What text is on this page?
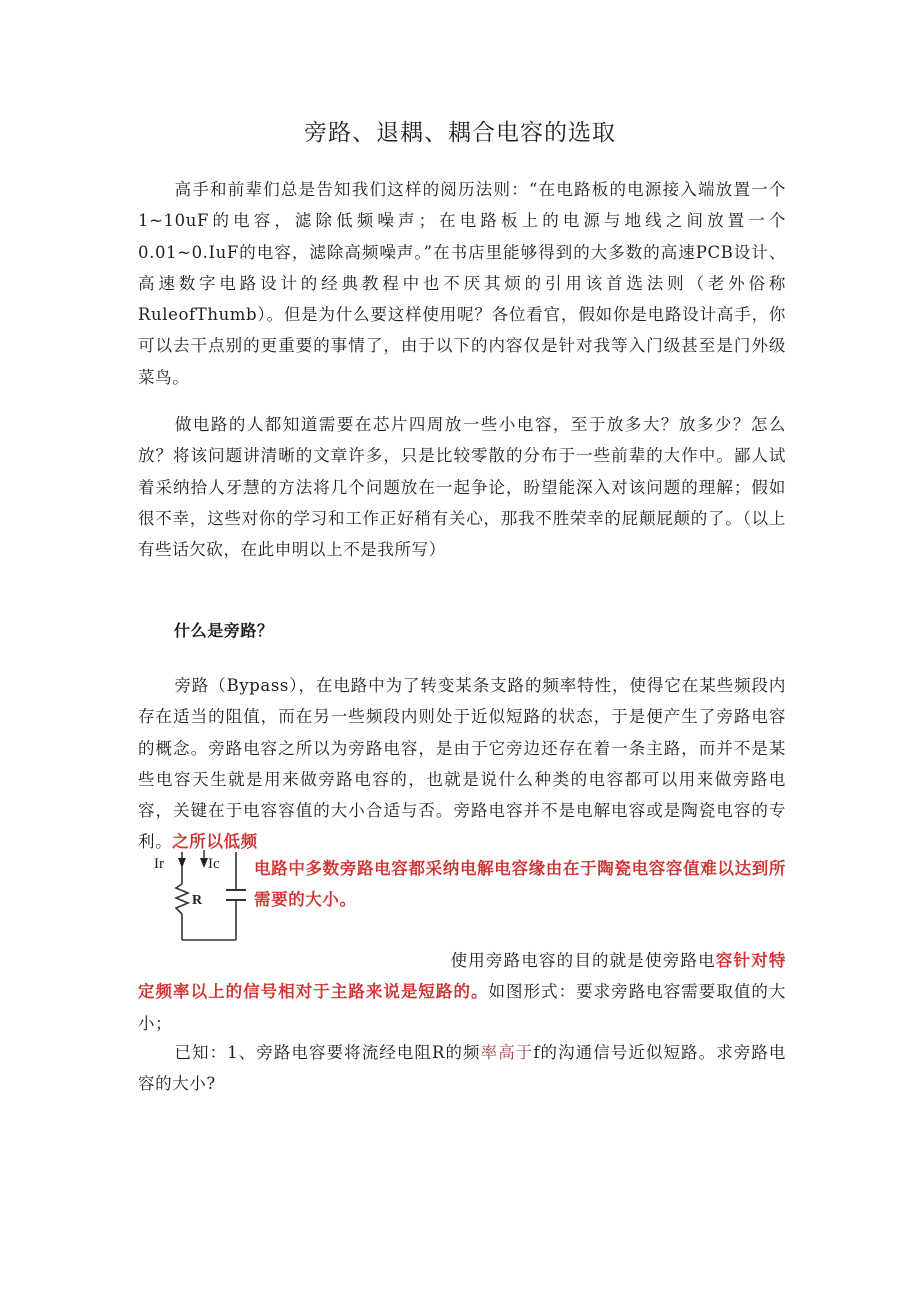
旁路、退耦、耦合电容的选取
高手和前辈们总是告知我们这样的阅历法则：“在电路板的电源接入端放置一个1~10uF的电容，滤除低频噪声；在电路板上的电源与地线之间放置一个0.01~0.IuF的电容，滤除高频噪声。”在书店里能够得到的大多数的高速PCB设计、高速数字电路设计的经典教程中也不厌其烦的引用该首选法则（老外俗称RuleofThumb）。但是为什么要这样使用呢？各位看官，假如你是电路设计高手，你可以去干点别的更重要的事情了，由于以下的内容仅是针对我等入门级甚至是门外级菜鸟。
做电路的人都知道需要在芯片四周放一些小电容，至于放多大？放多少？怎么放？将该问题讲清晰的文章许多，只是比较零散的分布于一些前辈的大作中。鄙人试着采纳拾人牙慧的方法将几个问题放在一起争论，盼望能深入对该问题的理解；假如很不幸，这些对你的学习和工作正好稍有关心，那我不胜荣幸的屁颠屁颠的了。（以上有些话欠砍，在此申明以上不是我所写）
什么是旁路？
旁路（Bypass），在电路中为了转变某条支路的频率特性，使得它在某些频段内存在适当的阻值，而在另一些频段内则处于近似短路的状态，于是便产生了旁路电容的概念。旁路电容之所以为旁路电容，是由于它旁边还存在着一条主路，而并不是某些电容天生就是用来做旁路电容的，也就是说什么种类的电容都可以用来做旁路电容，关键在于电容容值的大小合适与否。旁路电容并不是电解电容或是陶瓷电容的专利。之所以低频
Ir	Ic
R
电路中多数旁路电容都采纳电解电容缘由在于陶瓷电容容值难以达到所需要的大小。
使用旁路电容的目的就是使旁路电容针对特定频率以上的信号相对于主路来说是短路的。如图形式：要求旁路电容需要取值的大小；
已知：1、旁路电容要将流经电阻R的频率高于f的沟通信号近似短路。求旁路电容的大小?
